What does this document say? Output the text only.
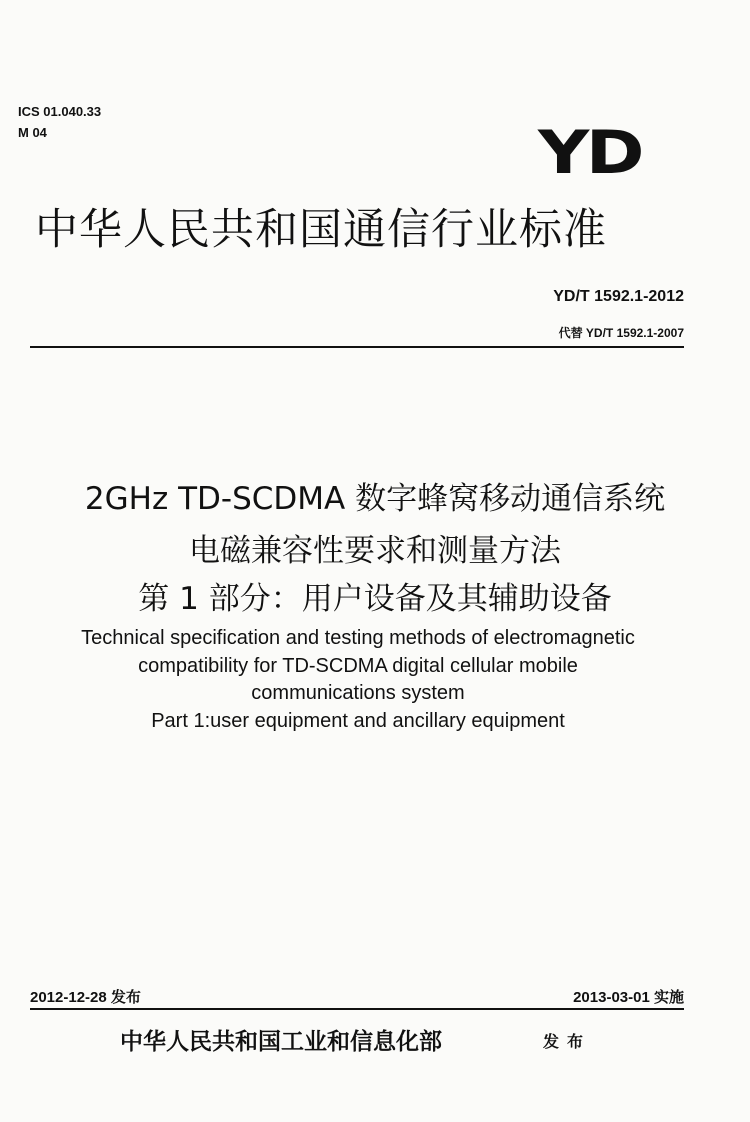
ICS 01.040.33
M 04	YD
中华人民共和国通信行业标准
YD/T 1592.1-2012
代替 YD/T 1592.1-2007
2GHz TD-SCDMA 数字蜂窝移动通信系统
电磁兼容性要求和测量方法
第 1 部分：用户设备及其辅助设备
Technical specification and testing methods of electromagnetic
compatibility for TD-SCDMA digital cellular mobile
communications system
Part 1:user equipment and ancillary equipment
2012-12-28 发布	2013-03-01 实施
中华人民共和国工业和信息化部	发布
